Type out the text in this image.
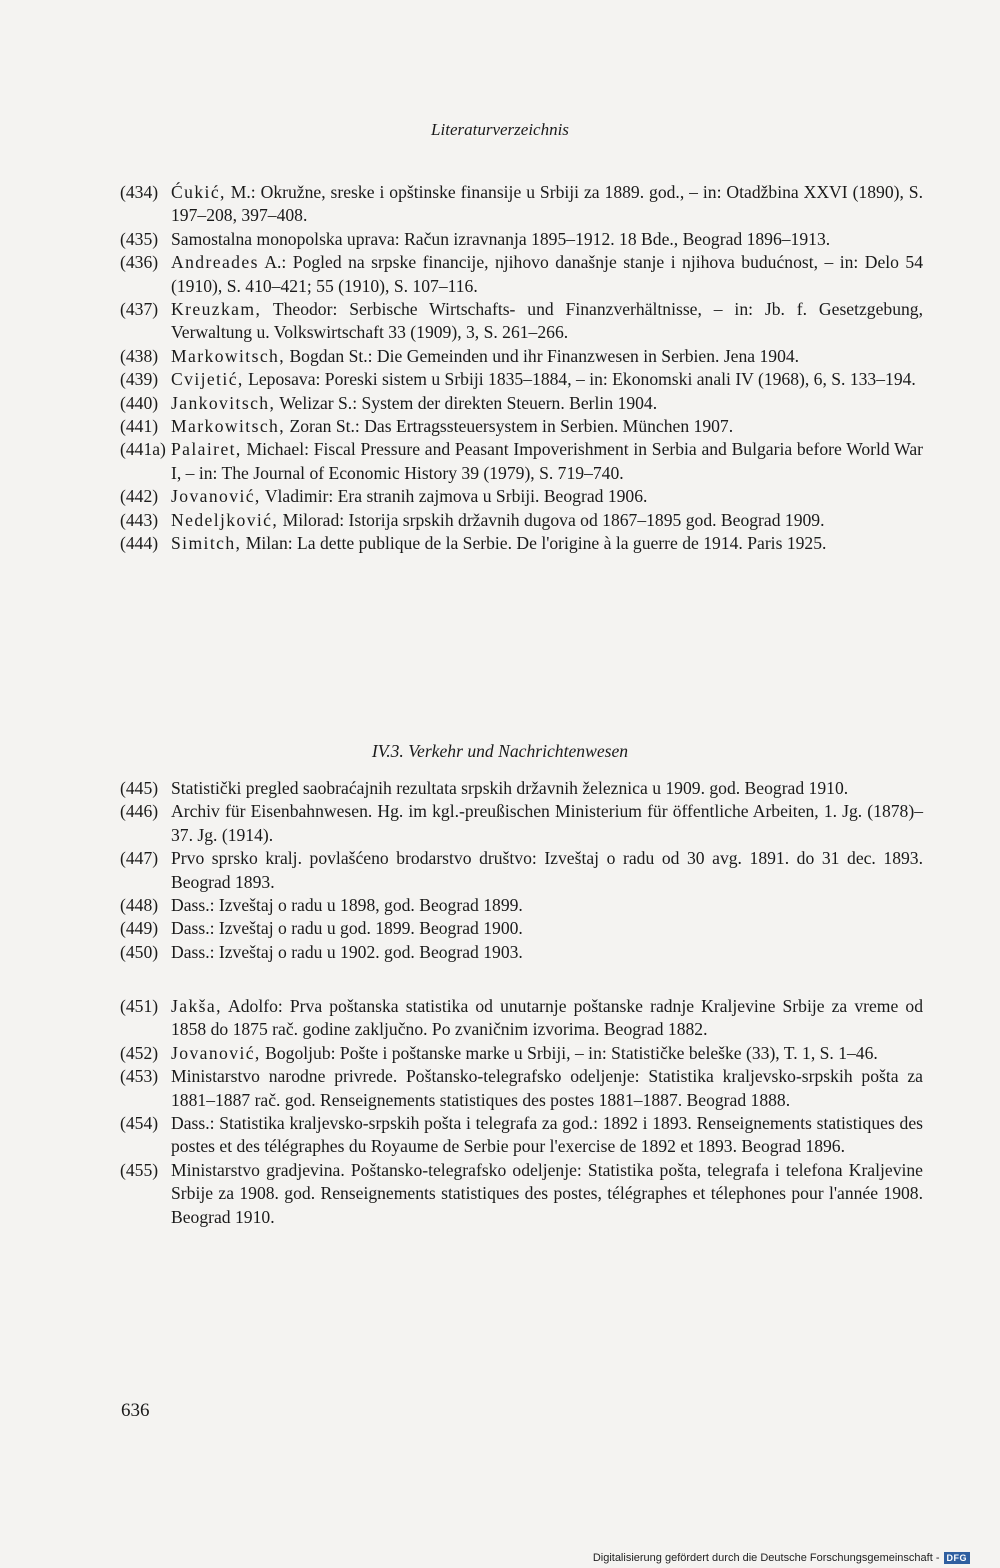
Literaturverzeichnis

(434) Ćukić, M.: Okružne, sreske i opštinske finansije u Srbiji za 1889. god., – in: Otadžbina XXVI (1890), S. 197–208, 397–408.

(435) Samostalna monopolska uprava: Račun izravnanja 1895–1912. 18 Bde., Beograd 1896–1913.

(436) Andreades A.: Pogled na srpske financije, njihovo današnje stanje i njihova budućnost, – in: Delo 54 (1910), S. 410–421; 55 (1910), S. 107–116.

(437) Kreuzkam, Theodor: Serbische Wirtschafts- und Finanzverhältnisse, – in: Jb. f. Gesetzgebung, Verwaltung u. Volkswirtschaft 33 (1909), 3, S. 261–266.

(438) Markowitsch, Bogdan St.: Die Gemeinden und ihr Finanzwesen in Serbien. Jena 1904.

(439) Cvijetić, Leposava: Poreski sistem u Srbiji 1835–1884, – in: Ekonomski anali IV (1968), 6, S. 133–194.

(440) Jankovitsch, Welizar S.: System der direkten Steuern. Berlin 1904.

(441) Markowitsch, Zoran St.: Das Ertragssteuersystem in Serbien. München 1907.

(441a) Palairet, Michael: Fiscal Pressure and Peasant Impoverishment in Serbia and Bulgaria before World War I, – in: The Journal of Economic History 39 (1979), S. 719–740.

(442) Jovanović, Vladimir: Era stranih zajmova u Srbiji. Beograd 1906.

(443) Nedeljković, Milorad: Istorija srpskih državnih dugova od 1867–1895 god. Beograd 1909.

(444) Simitch, Milan: La dette publique de la Serbie. De l'origine à la guerre de 1914. Paris 1925.

IV.3. Verkehr und Nachrichtenwesen

(445) Statistički pregled saobraćajnih rezultata srpskih državnih železnica u 1909. god. Beograd 1910.

(446) Archiv für Eisenbahnwesen. Hg. im kgl.-preußischen Ministerium für öffentliche Arbeiten, 1. Jg. (1878)–37. Jg. (1914).

(447) Prvo sprsko kralj. povlašćeno brodarstvo društvo: Izveštaj o radu od 30 avg. 1891. do 31 dec. 1893. Beograd 1893.

(448) Dass.: Izveštaj o radu u 1898, god. Beograd 1899.

(449) Dass.: Izveštaj o radu u god. 1899. Beograd 1900.

(450) Dass.: Izveštaj o radu u 1902. god. Beograd 1903.

(451) Jakša, Adolfo: Prva poštanska statistika od unutarnje poštanske radnje Kraljevine Srbije za vreme od 1858 do 1875 rač. godine zaključno. Po zvaničnim izvorima. Beograd 1882.

(452) Jovanović, Bogoljub: Pošte i poštanske marke u Srbiji, – in: Statističke beleške (33), T. 1, S. 1–46.

(453) Ministarstvo narodne privrede. Poštansko-telegrafsko odeljenje: Statistika kraljevsko-srpskih pošta za 1881–1887 rač. god. Renseignements statistiques des postes 1881–1887. Beograd 1888.

(454) Dass.: Statistika kraljevsko-srpskih pošta i telegrafa za god.: 1892 i 1893. Renseignements statistiques des postes et des télégraphes du Royaume de Serbie pour l'exercise de 1892 et 1893. Beograd 1896.

(455) Ministarstvo gradjevina. Poštansko-telegrafsko odeljenje: Statistika pošta, telegrafa i telefona Kraljevine Srbije za 1908. god. Renseignements statistiques des postes, télégraphes et télephones pour l'année 1908. Beograd 1910.

636
Digitalisierung gefördert durch die Deutsche Forschungsgemeinschaft - DFG
